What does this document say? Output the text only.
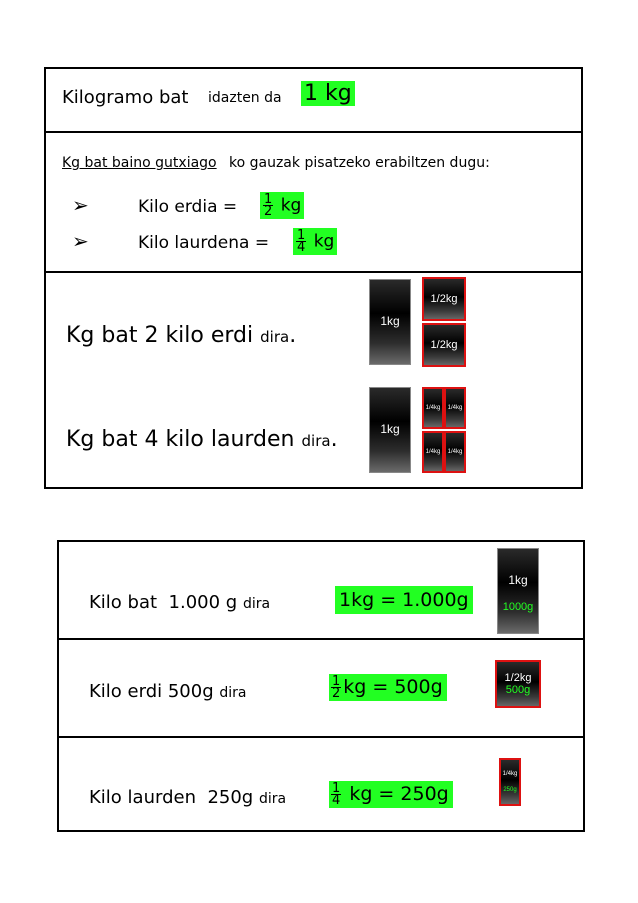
Kilogramo bat idazten da 1 kg
Kg bat baino gutxiago ko gauzak pisatzeko erabiltzen dugu:
➢	Kilo erdia = $\frac{1}{2}$ kg
➢	Kilo laurdena = $\frac{1}{4}$ kg
Kg bat 2 kilo erdi dira.
Kg bat 4 kilo laurden dira.
1kg
1/2kg
1/2kg
1kg
1/4kg 1/4kg
1/4kg 1/4kg
Kilo bat 1.000 g dira	1kg = 1.000g
1kg
1000g
Kilo erdi 500g dira	$\frac{1}{2}$ kg = 500g	1/2kg
500g
Kilo laurden 250g dira	$\frac{1}{4}$ kg = 250g
1/4kg
250g
